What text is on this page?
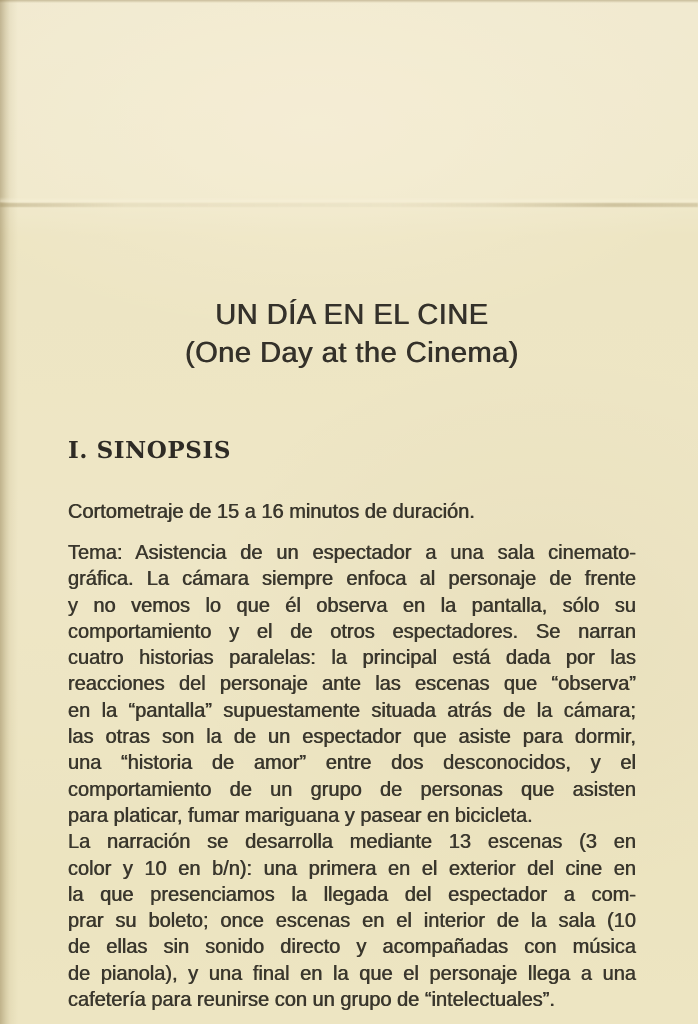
UN DÍA EN EL CINE
(One Day at the Cinema)
I. SINOPSIS
Cortometraje de 15 a 16 minutos de duración.

Tema: Asistencia de un espectador a una sala cinemato-
gráfica. La cámara siempre enfoca al personaje de frente
y no vemos lo que él observa en la pantalla, sólo su
comportamiento y el de otros espectadores. Se narran
cuatro historias paralelas: la principal está dada por las
reacciones del personaje ante las escenas que “observa”
en la “pantalla” supuestamente situada atrás de la cámara;
las otras son la de un espectador que asiste para dormir,
una “historia de amor” entre dos desconocidos, y el
comportamiento de un grupo de personas que asisten
para platicar, fumar mariguana y pasear en bicicleta.

La narración se desarrolla mediante 13 escenas (3 en
color y 10 en b/n): una primera en el exterior del cine en
la que presenciamos la llegada del espectador a com-
prar su boleto; once escenas en el interior de la sala (10
de ellas sin sonido directo y acompañadas con música
de pianola), y una final en la que el personaje llega a una
cafetería para reunirse con un grupo de “intelectuales”.
